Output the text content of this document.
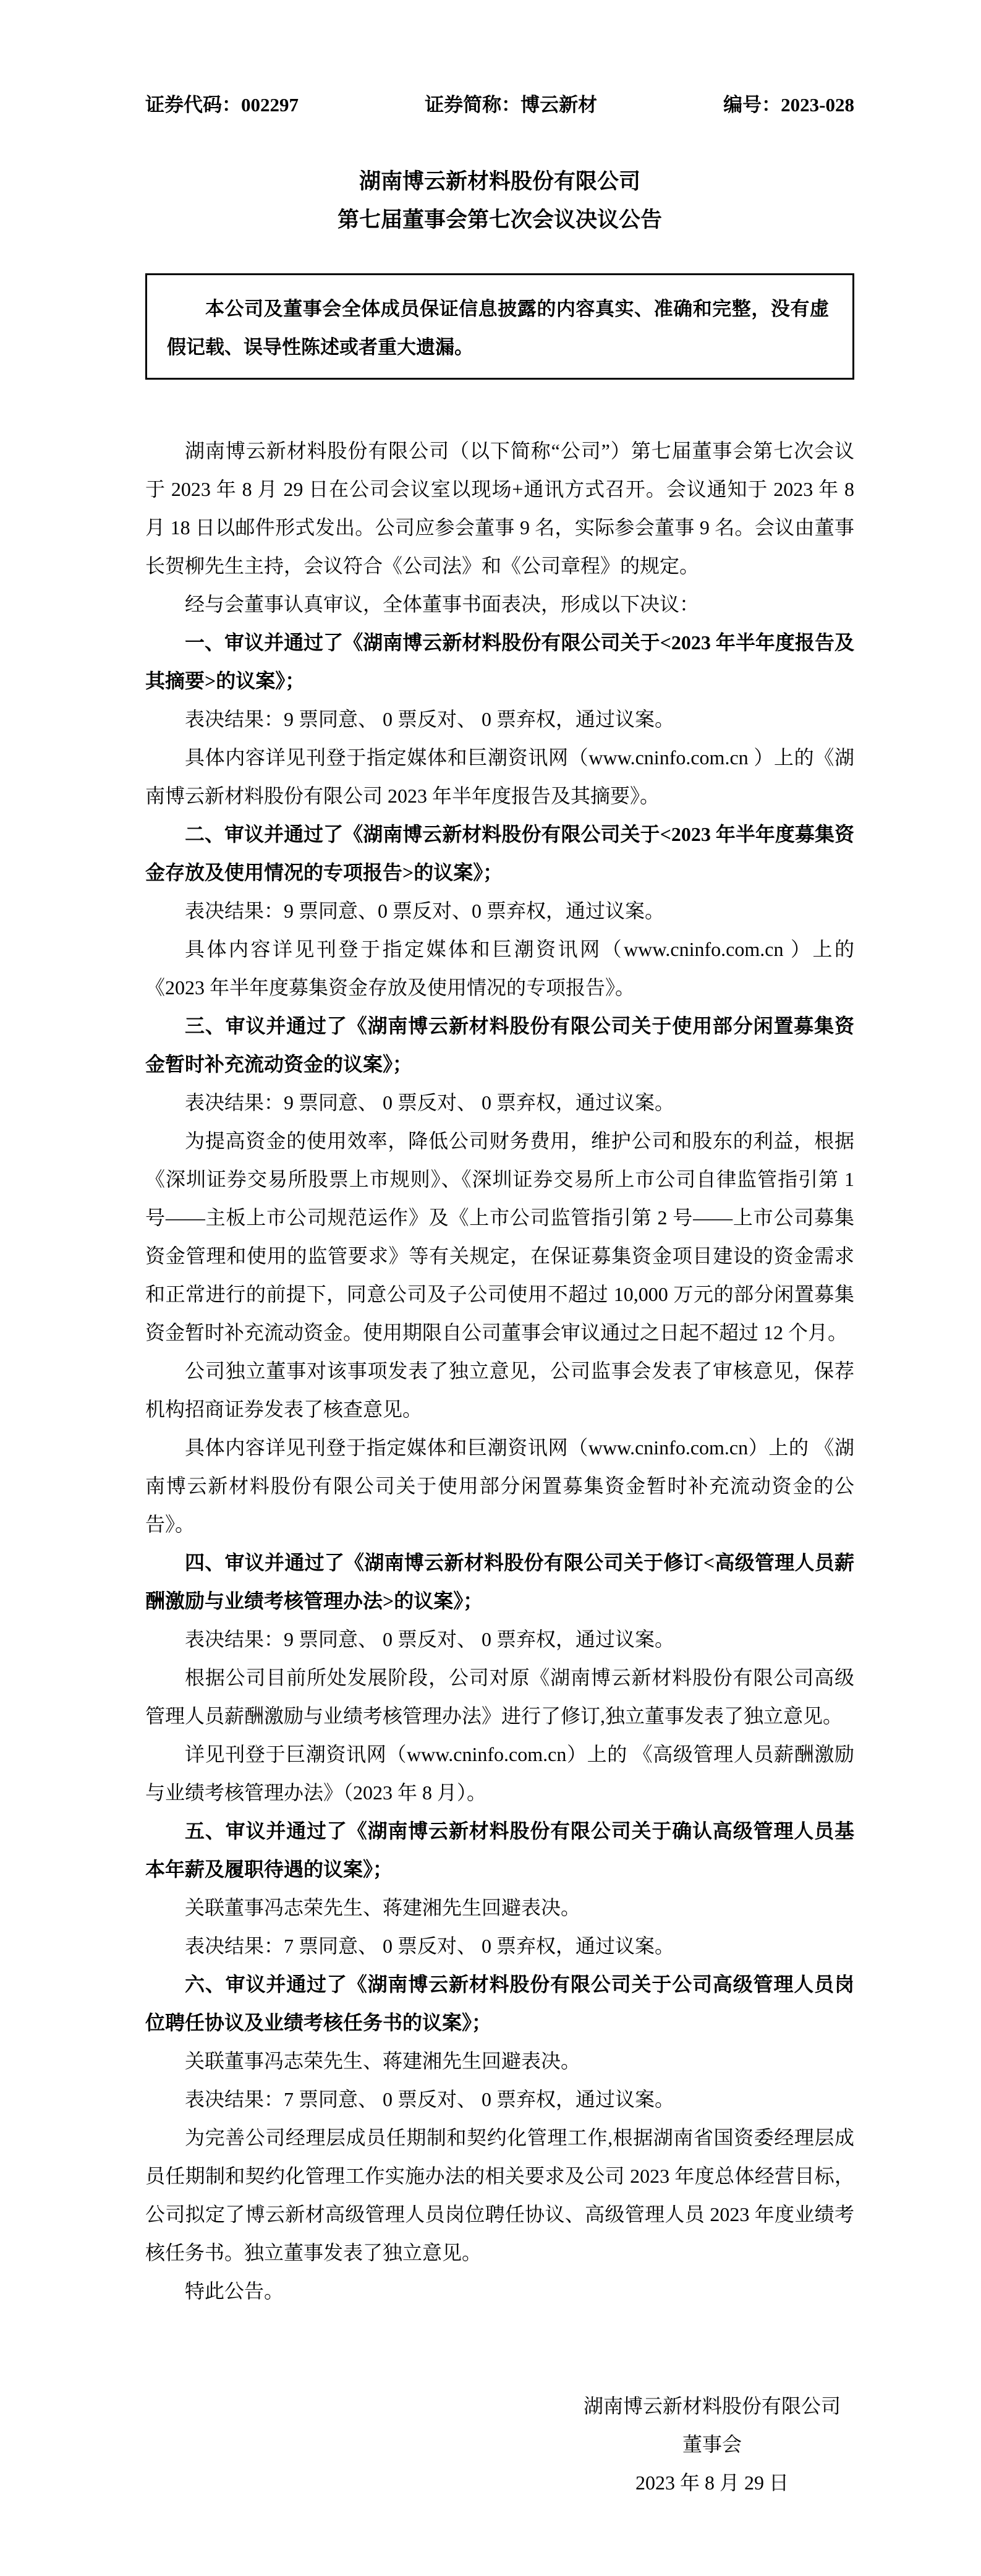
证券代码：002297	证券简称：博云新材	编号：2023-028
湖南博云新材料股份有限公司
第七届董事会第七次会议决议公告

本公司及董事会全体成员保证信息披露的内容真实、准确和完整，没有虚假记载、误导性陈述或者重大遗漏。

湖南博云新材料股份有限公司（以下简称“公司”）第七届董事会第七次会议于 2023 年 8 月 29 日在公司会议室以现场+通讯方式召开。会议通知于 2023 年 8 月 18 日以邮件形式发出。公司应参会董事 9 名，实际参会董事 9 名。会议由董事长贺柳先生主持，会议符合《公司法》和《公司章程》的规定。

经与会董事认真审议，全体董事书面表决，形成以下决议：

一、审议并通过了《湖南博云新材料股份有限公司关于<2023 年半年度报告及其摘要>的议案》；

表决结果：9 票同意、 0 票反对、 0 票弃权，通过议案。

具体内容详见刊登于指定媒体和巨潮资讯网（www.cninfo.com.cn ）上的《湖南博云新材料股份有限公司 2023 年半年度报告及其摘要》。

二、审议并通过了《湖南博云新材料股份有限公司关于<2023 年半年度募集资金存放及使用情况的专项报告>的议案》；

表决结果：9 票同意、0 票反对、0 票弃权，通过议案。

具体内容详见刊登于指定媒体和巨潮资讯网（www.cninfo.com.cn ）上的《2023 年半年度募集资金存放及使用情况的专项报告》。

三、审议并通过了《湖南博云新材料股份有限公司关于使用部分闲置募集资金暂时补充流动资金的议案》；

表决结果：9 票同意、 0 票反对、 0 票弃权，通过议案。

为提高资金的使用效率，降低公司财务费用，维护公司和股东的利益，根据《深圳证券交易所股票上市规则》、《深圳证券交易所上市公司自律监管指引第 1 号——主板上市公司规范运作》及《上市公司监管指引第 2 号——上市公司募集资金管理和使用的监管要求》等有关规定，在保证募集资金项目建设的资金需求和正常进行的前提下，同意公司及子公司使用不超过 10,000 万元的部分闲置募集资金暂时补充流动资金。使用期限自公司董事会审议通过之日起不超过 12 个月。

公司独立董事对该事项发表了独立意见，公司监事会发表了审核意见，保荐机构招商证券发表了核查意见。

具体内容详见刊登于指定媒体和巨潮资讯网（www.cninfo.com.cn）上的 《湖南博云新材料股份有限公司关于使用部分闲置募集资金暂时补充流动资金的公告》。

四、审议并通过了《湖南博云新材料股份有限公司关于修订<高级管理人员薪酬激励与业绩考核管理办法>的议案》；

表决结果：9 票同意、 0 票反对、 0 票弃权，通过议案。

根据公司目前所处发展阶段，公司对原《湖南博云新材料股份有限公司高级管理人员薪酬激励与业绩考核管理办法》进行了修订,独立董事发表了独立意见。

详见刊登于巨潮资讯网（www.cninfo.com.cn）上的 《高级管理人员薪酬激励与业绩考核管理办法》（2023 年 8 月）。

五、审议并通过了《湖南博云新材料股份有限公司关于确认高级管理人员基本年薪及履职待遇的议案》；

关联董事冯志荣先生、蒋建湘先生回避表决。

表决结果：7 票同意、 0 票反对、 0 票弃权，通过议案。

六、审议并通过了《湖南博云新材料股份有限公司关于公司高级管理人员岗位聘任协议及业绩考核任务书的议案》；

关联董事冯志荣先生、蒋建湘先生回避表决。

表决结果：7 票同意、 0 票反对、 0 票弃权，通过议案。

为完善公司经理层成员任期制和契约化管理工作,根据湖南省国资委经理层成员任期制和契约化管理工作实施办法的相关要求及公司 2023 年度总体经营目标，公司拟定了博云新材高级管理人员岗位聘任协议、高级管理人员 2023 年度业绩考核任务书。独立董事发表了独立意见。

特此公告。

湖南博云新材料股份有限公司
董事会
2023 年 8 月 29 日
